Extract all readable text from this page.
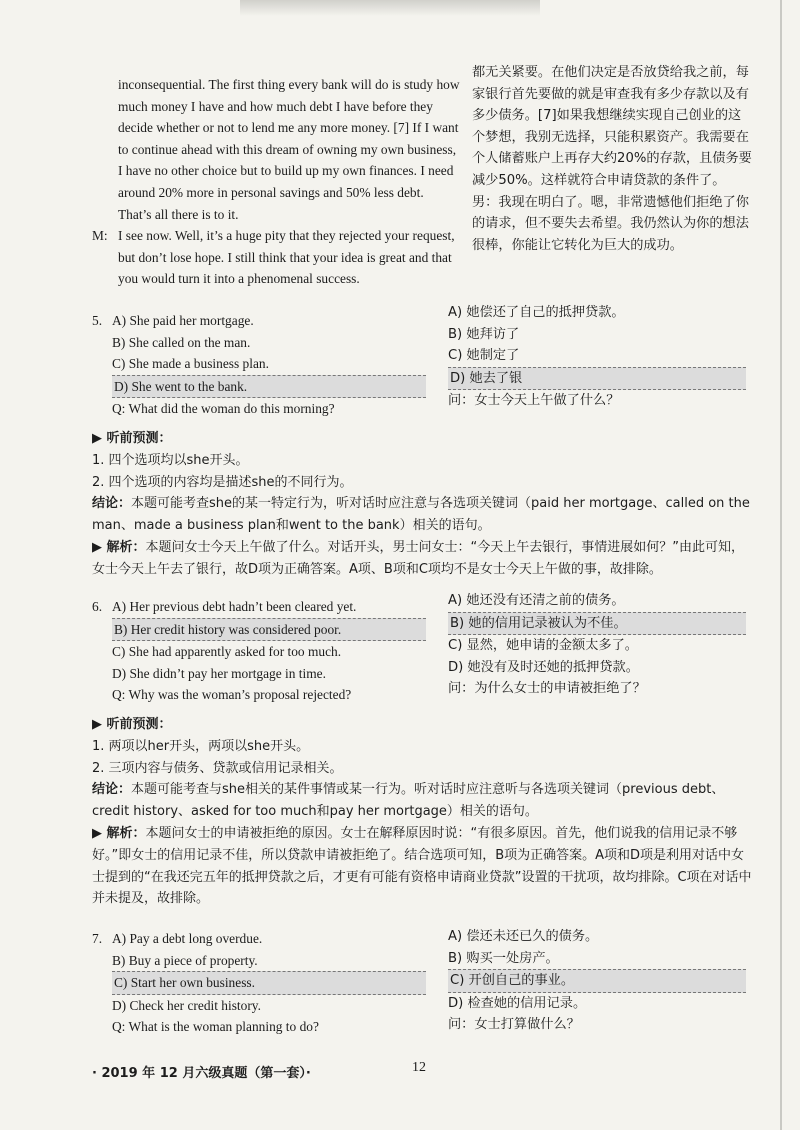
inconsequential. The first thing every bank will do is study how much money I have and how much debt I have before they decide whether or not to lend me any more money. [7] If I want to continue ahead with this dream of owning my own business, I have no other choice but to build up my own finances. I need around 20% more in personal savings and 50% less debt. That’s all there is to it.

M: I see now. Well, it’s a huge pity that they rejected your request, but don’t lose hope. I still think that your idea is great and that you would turn it into a phenomenal success.

都无关紧要。在他们决定是否放贷给我之前，每家银行首先要做的就是审查我有多少存款以及有多少债务。[7]如果我想继续实现自己创业的这个梦想，我别无选择，只能积累资产。我需要在个人储蓄账户上再存大约20%的存款，且债务要减少50%。这样就符合申请贷款的条件了。

男：我现在明白了。嗯，非常遗憾他们拒绝了你的请求，但不要失去希望。我仍然认为你的想法很棒，你能让它转化为巨大的成功。

5. A) She paid her mortgage.
B) She called on the man.
C) She made a business plan.
D) She went to the bank.
Q: What did the woman do this morning?
A) 她偿还了自己的抵押贷款。
B) 她拜访了
C) 她制定了
D) 她去了银
问：女士今天上午做了什么？

▶ 听前预测：

1. 四个选项均以she开头。

2. 四个选项的内容均是描述she的不同行为。

结论：本题可能考查she的某一特定行为，听对话时应注意与各选项关键词（paid her mortgage、called on the man、made a business plan和went to the bank）相关的语句。

▶ 解析：本题问女士今天上午做了什么。对话开头，男士问女士：“今天上午去银行，事情进展如何？”由此可知，女士今天上午去了银行，故D项为正确答案。A项、B项和C项均不是女士今天上午做的事，故排除。

6. A) Her previous debt hadn’t been cleared yet.
B) Her credit history was considered poor.
C) She had apparently asked for too much.
D) She didn’t pay her mortgage in time.
Q: Why was the woman’s proposal rejected?
A) 她还没有还清之前的债务。
B) 她的信用记录被认为不佳。
C) 显然，她申请的金额太多了。
D) 她没有及时还她的抵押贷款。
问：为什么女士的申请被拒绝了？

▶ 听前预测：

1. 两项以her开头，两项以she开头。

2. 三项内容与债务、贷款或信用记录相关。

结论：本题可能考查与she相关的某件事情或某一行为。听对话时应注意听与各选项关键词（previous debt、credit history、asked for too much和pay her mortgage）相关的语句。

▶ 解析：本题问女士的申请被拒绝的原因。女士在解释原因时说：“有很多原因。首先，他们说我的信用记录不够好。”即女士的信用记录不佳，所以贷款申请被拒绝了。结合选项可知，B项为正确答案。A项和D项是利用对话中女士提到的“在我还完五年的抵押贷款之后，才更有可能有资格申请商业贷款”设置的干扰项，故均排除。C项在对话中并未提及，故排除。

7. A) Pay a debt long overdue.
B) Buy a piece of property.
C) Start her own business.
D) Check her credit history.
Q: What is the woman planning to do?
A) 偿还未还已久的债务。
B) 购买一处房产。
C) 开创自己的事业。
D) 检查她的信用记录。
问：女士打算做什么？
· 2019 年 12 月六级真题（第一套）·	12
